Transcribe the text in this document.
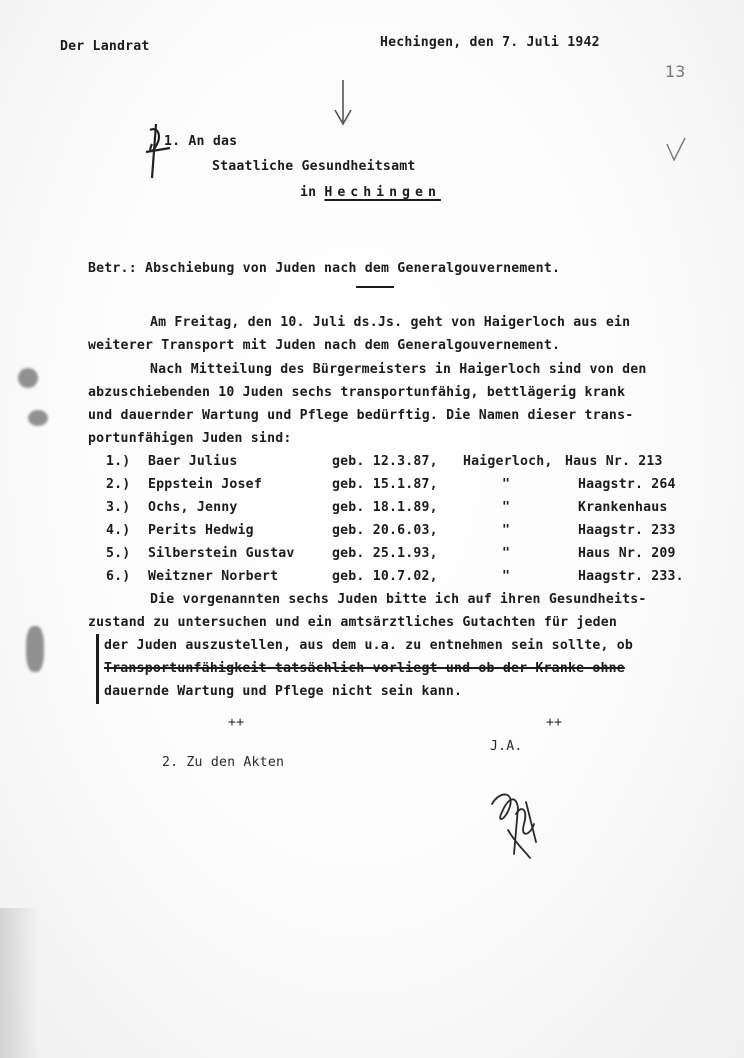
Der Landrat	Hechingen, den 7. Juli 1942
13
1. An das
Staatliche Gesundheitsamt
in Hechingen
Betr.: Abschiebung von Juden nach dem Generalgouvernement.
Am Freitag, den 10. Juli ds.Js. geht von Haigerloch aus ein
weiterer Transport mit Juden nach dem Generalgouvernement.
Nach Mitteilung des Bürgermeisters in Haigerloch sind von den
abzuschiebenden 10 Juden sechs transportunfähig, bettlägerig krank
und dauernder Wartung und Pflege bedürftig. Die Namen dieser trans-
portunfähigen Juden sind:
1.) Baer Julius	geb. 12.3.87, Haigerloch, Haus Nr. 213
2.) Eppstein Josef	geb. 15.1.87,	"	Haagstr. 264
3.) Ochs, Jenny	geb. 18.1.89,	"	Krankenhaus
4.) Perits Hedwig	geb. 20.6.03,	"	Haagstr. 233
5.) Silberstein Gustav	geb. 25.1.93,	"	Haus Nr. 209
6.) Weitzner Norbert	geb. 10.7.02,	"	Haagstr. 233.
Die vorgenannten sechs Juden bitte ich auf ihren Gesundheits-
zustand zu untersuchen und ein amtsärztliches Gutachten für jeden
der Juden auszustellen, aus dem u.a. zu entnehmen sein sollte, ob
Transportunfähigkeit tatsächlich vorliegt und ob der Kranke ohne
dauernde Wartung und Pflege nicht sein kann.
++	++
J.A.
2. Zu den Akten
